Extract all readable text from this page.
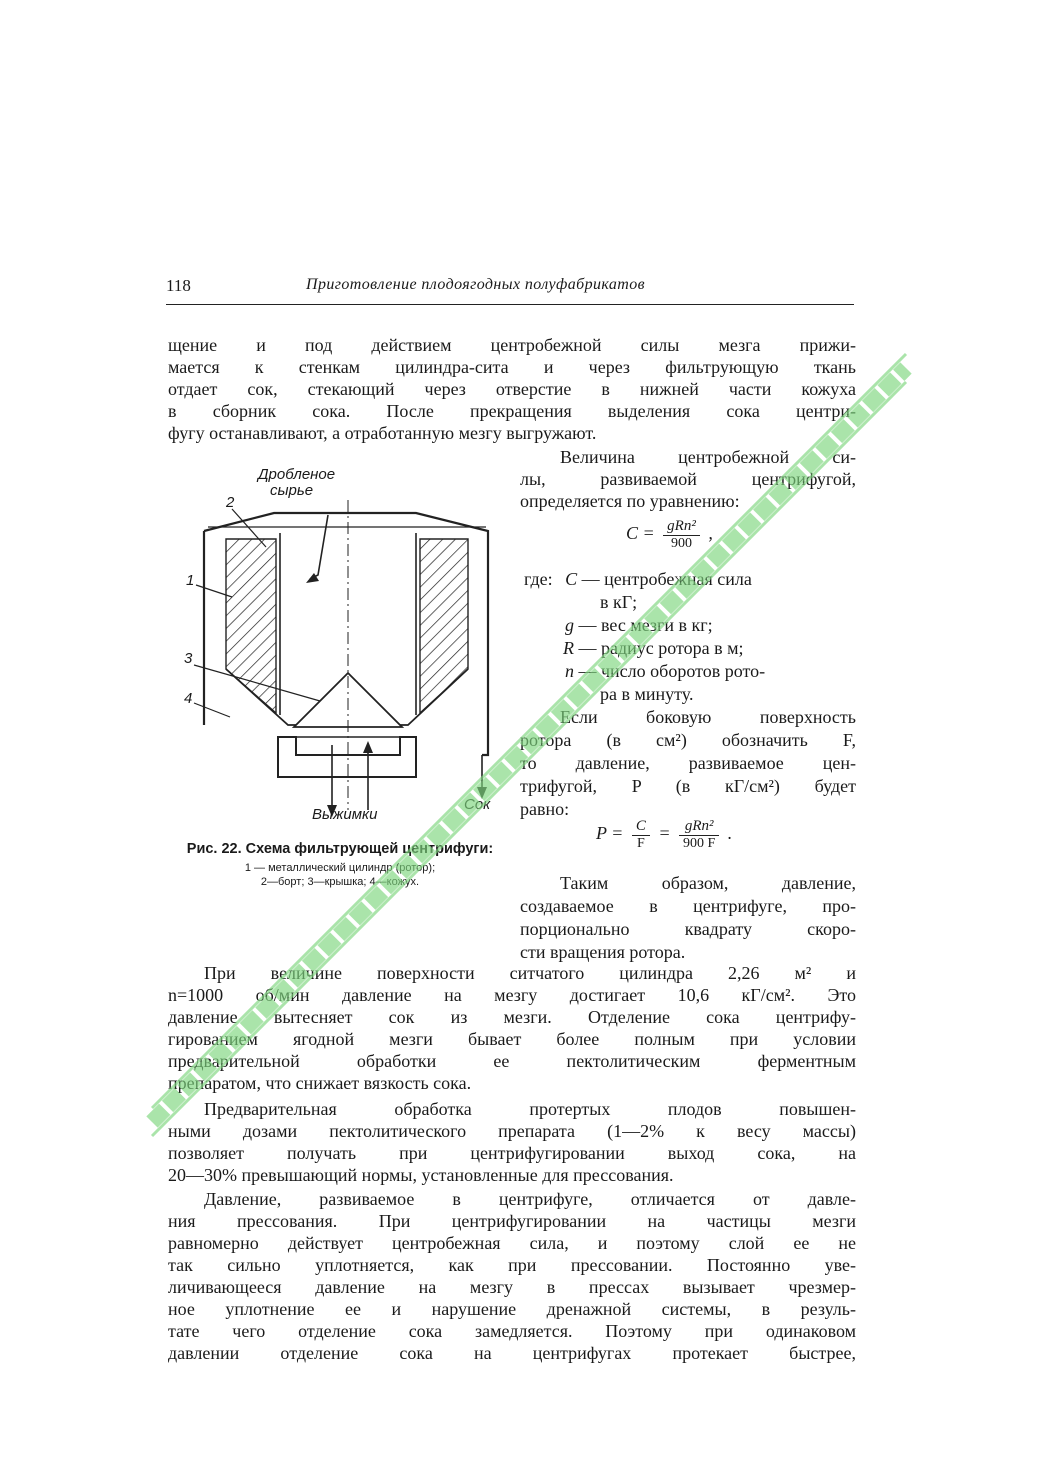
118	Приготовление плодоягодных полуфабрикатов
щение и под действием центробежной силы мезга прижи-
мается к стенкам цилиндра-сита и через фильтрующую ткань
отдает сок, стекающий через отверстие в нижней части кожуха
в сборник сока. После прекращения выделения сока центри-
фугу останавливают, а отработанную мезгу выгружают.
Величина центробежной си-
лы, развиваемой центрифугой,
определяется по уравнению:
$C = \frac{\text{gRn²}}{900}$ ,
где: C — центробежная сила
в кГ;
g — вес мезги в кг;
R — радиус ротора в м;
n — число оборотов рото-
ра в минуту.
Если боковую поверхность
ротора (в см²) обозначить F,
то давление, развиваемое цен-
трифугой, P (в кГ/см²) будет
равно:
$P = \frac{C}{F} = \frac{\text{gRn²}}{900 F}$ .
Таким образом, давление,
создаваемое в центрифуге, про-
порционально квадрату скоро-
сти вращения ротора.
Дробленое
сырье
2
1
3
4
Выжимки
Сок
Рис. 22. Схема фильтрующей центрифуги:
1 — металлический цилиндр (ротор);
2—борт; 3—крышка; 4—кожух.
При величине поверхности ситчатого цилиндра 2,26 м² и
n=1000 об/мин давление на мезгу достигает 10,6 кГ/см². Это
давление вытесняет сок из мезги. Отделение сока центрифу-
гированием ягодной мезги бывает более полным при условии
предварительной обработки ее пектолитическим ферментным
препаратом, что снижает вязкость сока.
Предварительная обработка протертых плодов повышен-
ными дозами пектолитического препарата (1—2% к весу массы)
позволяет получать при центрифугировании выход сока, на
20—30% превышающий нормы, установленные для прессования.
Давление, развиваемое в центрифуге, отличается от давле-
ния прессования. При центрифугировании на частицы мезги
равномерно действует центробежная сила, и поэтому слой ее не
так сильно уплотняется, как при прессовании. Постоянно уве-
личивающееся давление на мезгу в прессах вызывает чрезмер-
ное уплотнение ее и нарушение дренажной системы, в резуль-
тате чего отделение сока замедляется. Поэтому при одинаковом
давлении отделение сока на центрифугах протекает быстрее,
